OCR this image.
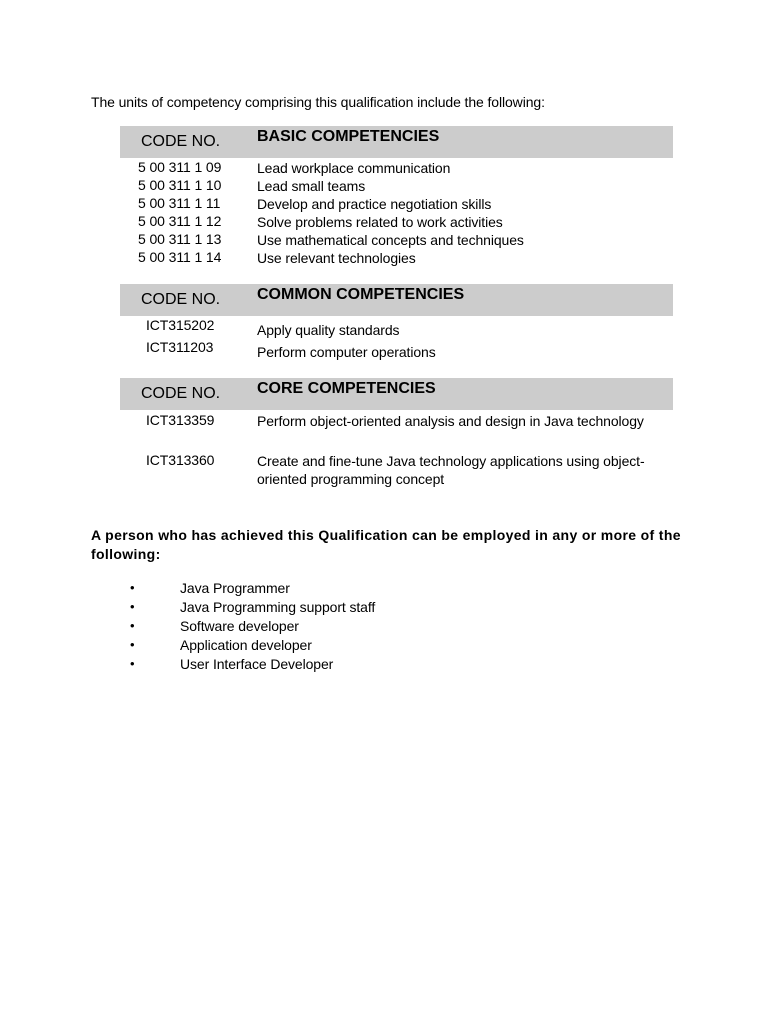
The units of competency comprising this qualification include the following:
CODE NO. BASIC COMPETENCIES
5 00 311 1 09	Lead workplace communication
5 00 311 1 10	Lead small teams
5 00 311 1 11	Develop and practice negotiation skills
5 00 311 1 12	Solve problems related to work activities
5 00 311 1 13	Use mathematical concepts and techniques
5 00 311 1 14	Use relevant technologies
CODE NO. COMMON COMPETENCIES
ICT315202	Apply quality standards
ICT311203	Perform computer operations
CODE NO. CORE COMPETENCIES
ICT313359	Perform object-oriented analysis and design in Java technology
ICT313360	Create and fine-tune Java technology applications using object-oriented programming concept
A person who has achieved this Qualification can be employed in any or more of the following:
•	Java Programmer
•	Java Programming support staff
•	Software developer
•	Application developer
•	User Interface Developer
